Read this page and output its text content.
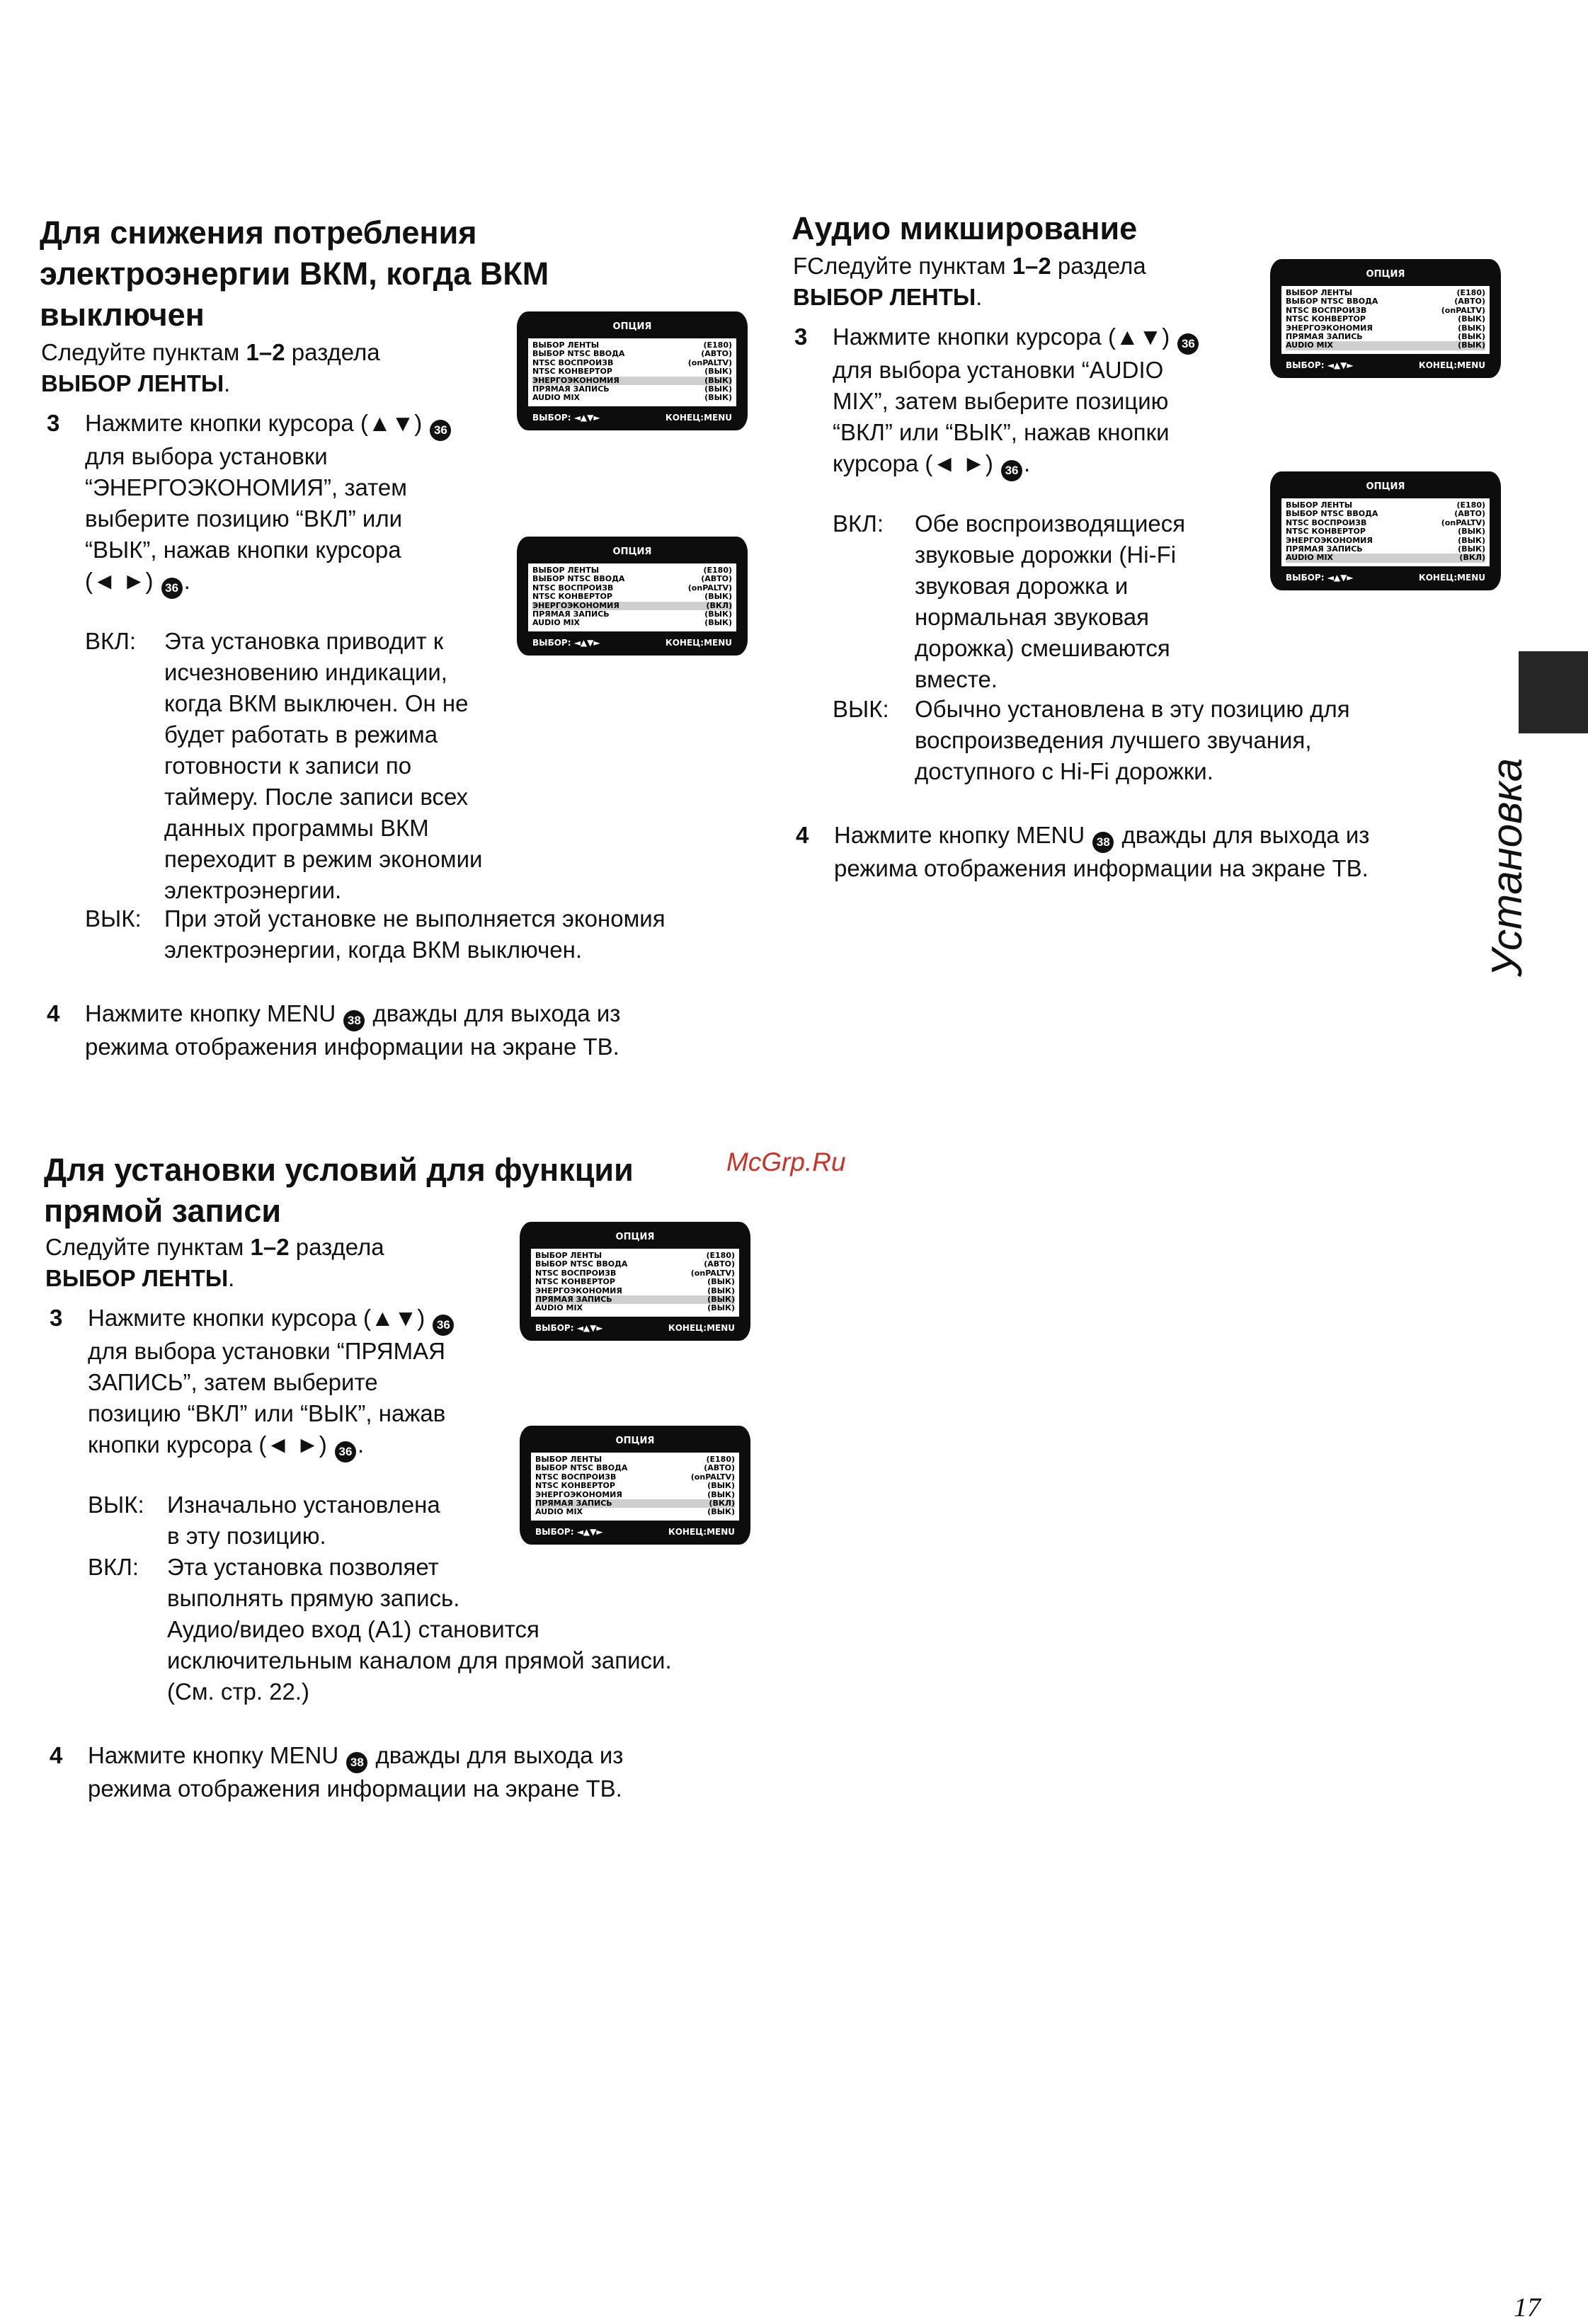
Для снижения потребления
электроэнергии ВКМ, когда ВКМ
выключен
Следуйте пунктам 1–2 раздела
ВЫБОР ЛЕНТЫ.
3 Нажмите кнопки курсора (▲▼) 36
для выбора установки
“ЭНЕРГОЭКОНОМИЯ”, затем
выберите позицию “ВКЛ” или
“ВЫК”, нажав кнопки курсора
(◄ ►) 36 .
ВКЛ: Эта установка приводит к
исчезновению индикации,
когда ВКМ выключен. Он не
будет работать в режима
готовности к записи по
таймеру. После записи всех
данных программы ВКМ
переходит в режим экономии
электроэнергии.
ВЫК: При этой установке не выполняется экономия
электроэнергии, когда ВКМ выключен.
4 Нажмите кнопку MENU 38 дважды для выхода из
режима отображения информации на экране ТВ.
Аудио микширование
FСледуйте пунктам 1–2 раздела
ВЫБОР ЛЕНТЫ.
3 Нажмите кнопки курсора (▲▼) 36
для выбора установки “AUDIO
MIX”, затем выберите позицию
“ВКЛ” или “ВЫК”, нажав кнопки
курсора (◄ ►) 36 .
ВКЛ: Обе воспроизводящиеся
звуковые дорожки (Hi-Fi
звуковая дорожка и
нормальная звуковая
дорожка) смешиваются
вместе.
ВЫК: Обычно установлена в эту позицию для
воспроизведения лучшего звучания,
доступного с Hi-Fi дорожки.
4 Нажмите кнопку MENU 38 дважды для выхода из
режима отображения информации на экране ТВ.
Для установки условий для функции
прямой записи
Следуйте пунктам 1–2 раздела
ВЫБОР ЛЕНТЫ.
3 Нажмите кнопки курсора (▲▼) 36
для выбора установки “ПРЯМАЯ
ЗАПИСЬ”, затем выберите
позицию “ВКЛ” или “ВЫК”, нажав
кнопки курсора (◄ ►) 36 .
ВЫК: Изначально установлена
в эту позицию.
ВКЛ: Эта установка позволяет
выполнять прямую запись.
Аудио/видео вход (А1) становится
исключительным каналом для прямой записи.
(См. стр. 22.)
4 Нажмите кнопку MENU 38 дважды для выхода из
режима отображения информации на экране ТВ.
ОПЦИЯ
ВЫБОР ЛЕНТЫ	(E180)
ВЫБОР NTSC ВВОДА	(АВТО)
NTSC ВОСПРОИЗВ	(onPALTV)
NTSC КОНВЕРТОР	(ВЫК)
ЭНЕРГОЭКОНОМИЯ	(ВЫК)
ПРЯМАЯ ЗАПИСЬ	(ВЫК)
AUDIO MIX	(ВЫК)
ВЫБОР: ◄▲▼►	КОНЕЦ:MENU
ОПЦИЯ
ВЫБОР ЛЕНТЫ	(E180)
ВЫБОР NTSC ВВОДА	(АВТО)
NTSC ВОСПРОИЗВ	(onPALTV)
NTSC КОНВЕРТОР	(ВЫК)
ЭНЕРГОЭКОНОМИЯ	(ВКЛ)
ПРЯМАЯ ЗАПИСЬ	(ВЫК)
AUDIO MIX	(ВЫК)
ВЫБОР: ◄▲▼►	КОНЕЦ:MENU
ОПЦИЯ
ВЫБОР ЛЕНТЫ	(E180)
ВЫБОР NTSC ВВОДА	(АВТО)
NTSC ВОСПРОИЗВ	(onPALTV)
NTSC КОНВЕРТОР	(ВЫК)
ЭНЕРГОЭКОНОМИЯ	(ВЫК)
ПРЯМАЯ ЗАПИСЬ	(ВЫК)
AUDIO MIX	(ВЫК)
ВЫБОР: ◄▲▼►	КОНЕЦ:MENU
ОПЦИЯ
ВЫБОР ЛЕНТЫ	(E180)
ВЫБОР NTSC ВВОДА	(АВТО)
NTSC ВОСПРОИЗВ	(onPALTV)
NTSC КОНВЕРТОР	(ВЫК)
ЭНЕРГОЭКОНОМИЯ	(ВЫК)
ПРЯМАЯ ЗАПИСЬ	(ВЫК)
AUDIO MIX	(ВКЛ)
ВЫБОР: ◄▲▼►	КОНЕЦ:MENU
ОПЦИЯ
ВЫБОР ЛЕНТЫ	(E180)
ВЫБОР NTSC ВВОДА	(АВТО)
NTSC ВОСПРОИЗВ	(onPALTV)
NTSC КОНВЕРТОР	(ВЫК)
ЭНЕРГОЭКОНОМИЯ	(ВЫК)
ПРЯМАЯ ЗАПИСЬ	(ВЫК)
AUDIO MIX	(ВЫК)
ВЫБОР: ◄▲▼►	КОНЕЦ:MENU
ОПЦИЯ
ВЫБОР ЛЕНТЫ	(E180)
ВЫБОР NTSC ВВОДА	(АВТО)
NTSC ВОСПРОИЗВ	(onPALTV)
NTSC КОНВЕРТОР	(ВЫК)
ЭНЕРГОЭКОНОМИЯ	(ВЫК)
ПРЯМАЯ ЗАПИСЬ	(ВКЛ)
AUDIO MIX	(ВЫК)
ВЫБОР: ◄▲▼►	КОНЕЦ:MENU
Установка
McGrp.Ru
17
